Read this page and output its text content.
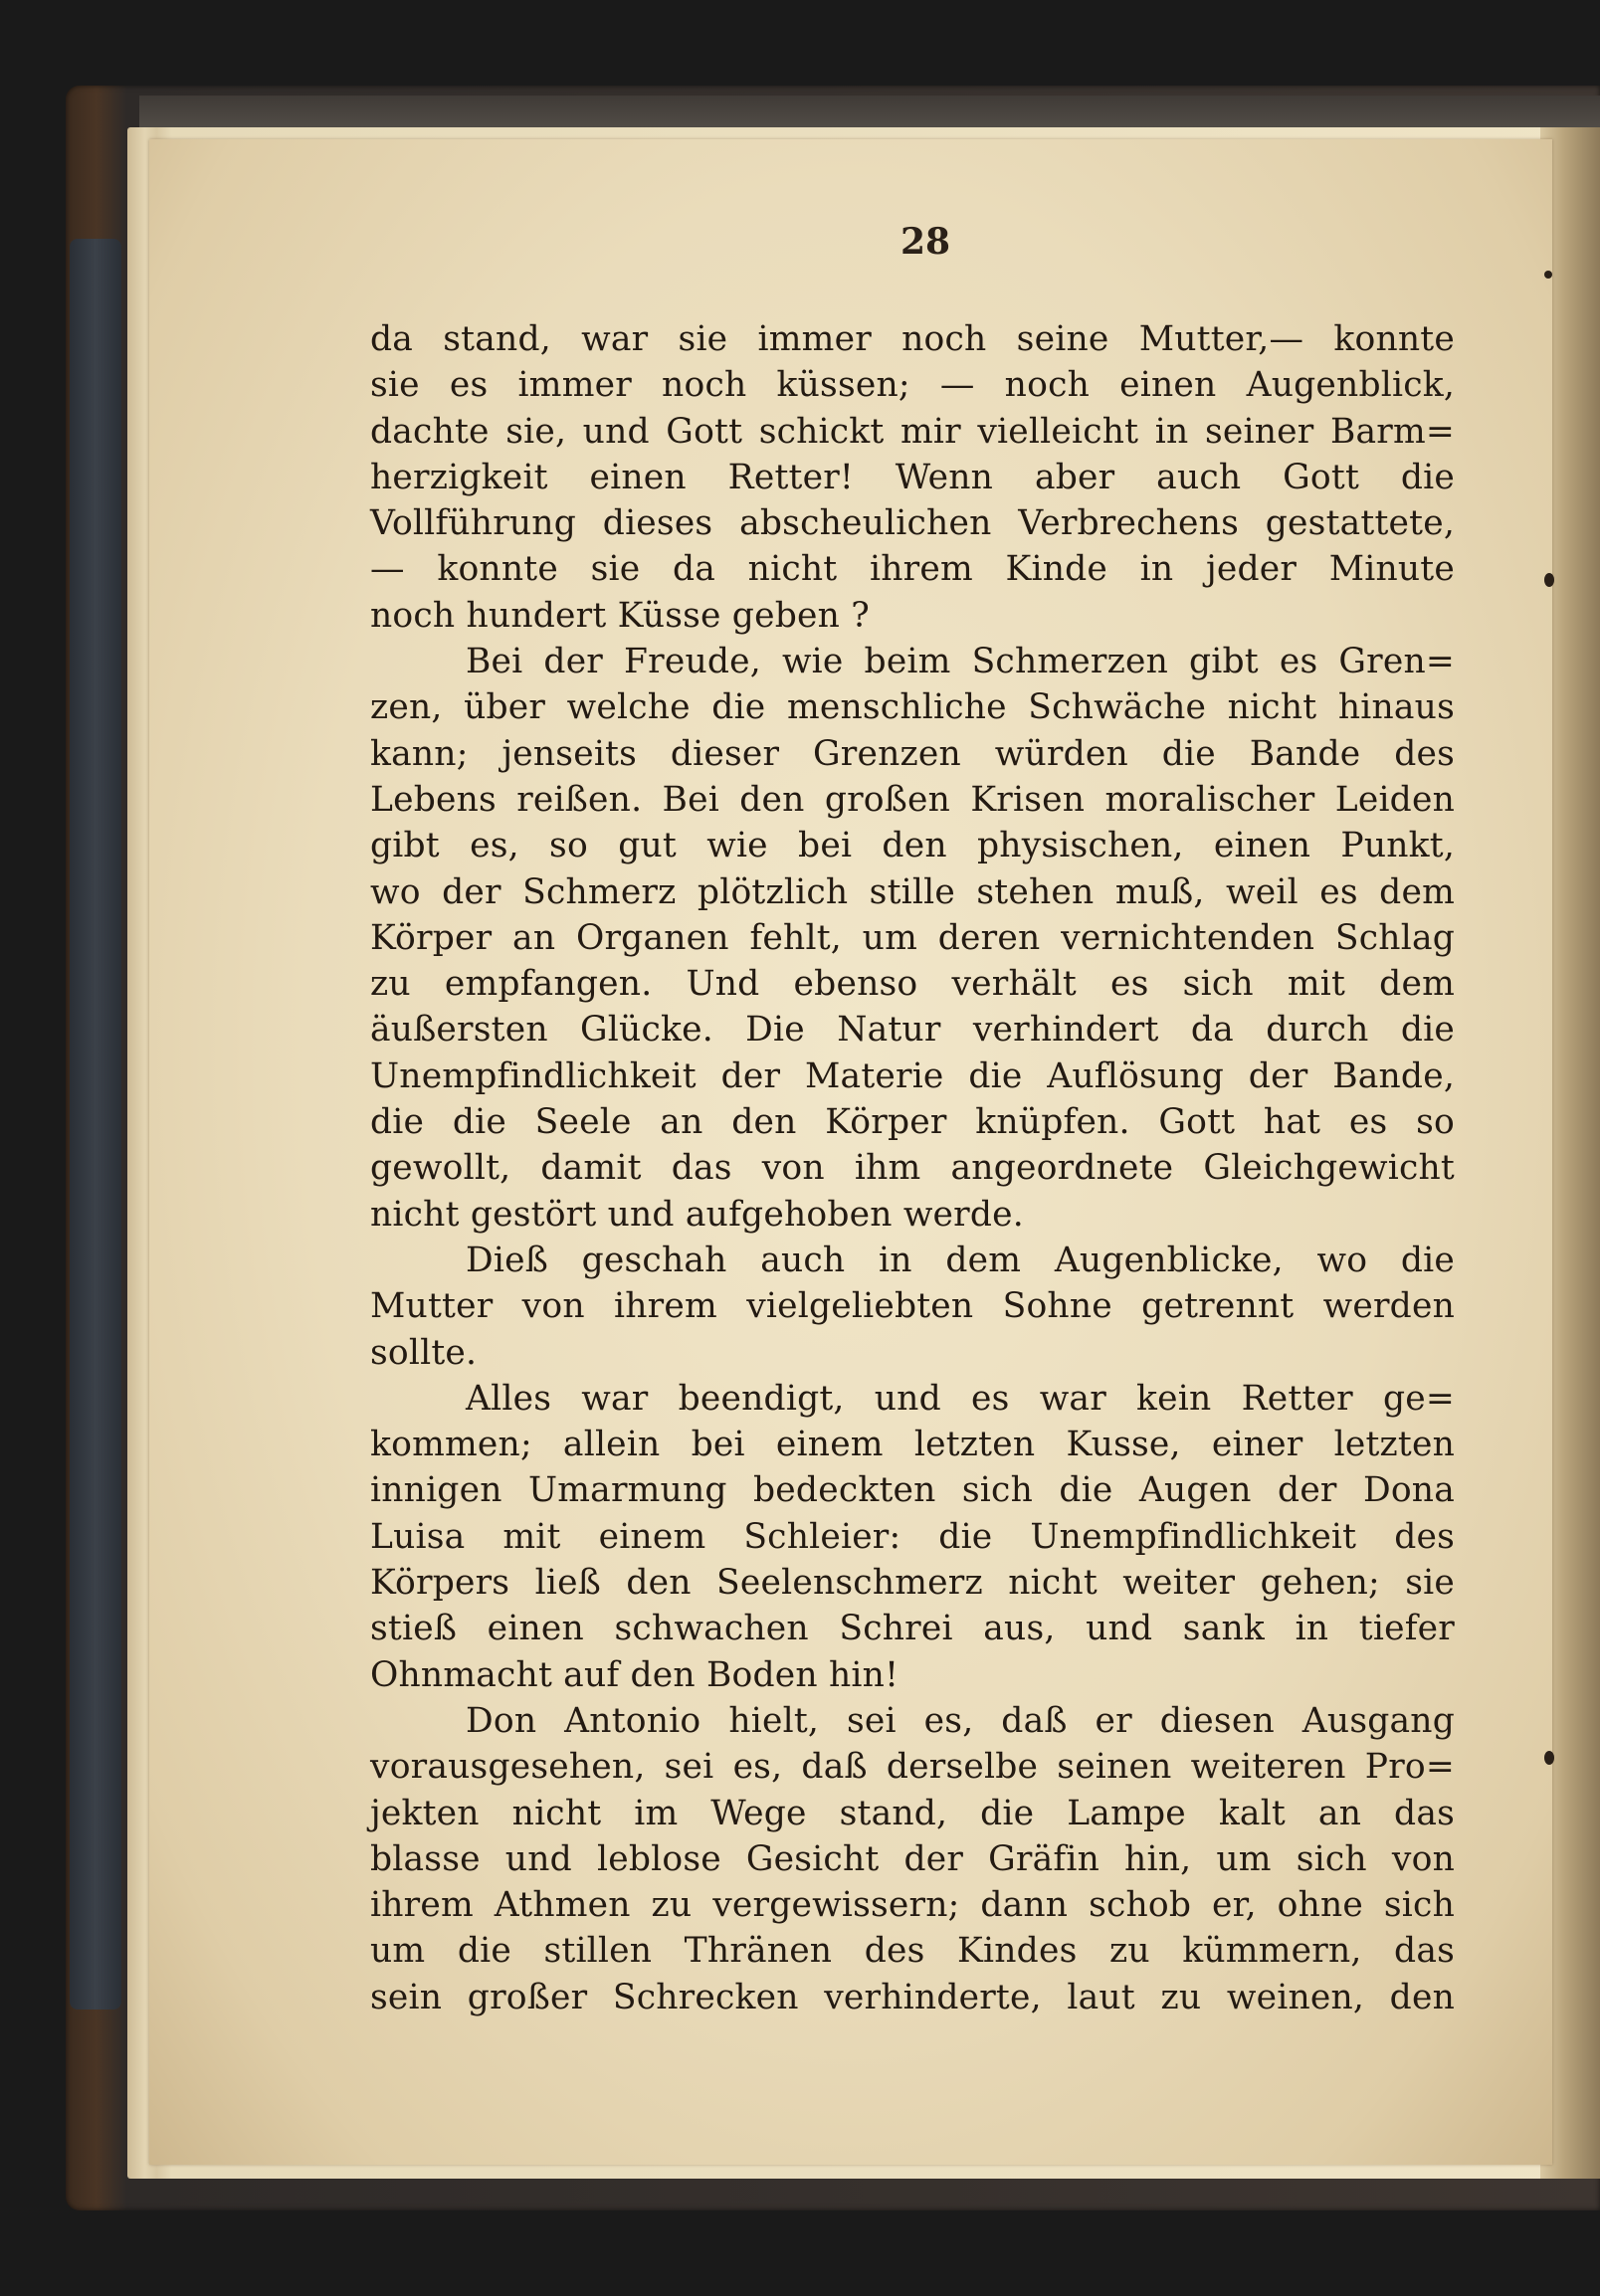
28
da stand, war sie immer noch seine Mutter,— konnte
sie es immer noch küssen; — noch einen Augenblick,
dachte sie, und Gott schickt mir vielleicht in seiner Barm=
herzigkeit einen Retter! Wenn aber auch Gott die
Vollführung dieses abscheulichen Verbrechens gestattete,
— konnte sie da nicht ihrem Kinde in jeder Minute
noch hundert Küsse geben ?
Bei der Freude, wie beim Schmerzen gibt es Gren=
zen, über welche die menschliche Schwäche nicht hinaus
kann; jenseits dieser Grenzen würden die Bande des
Lebens reißen. Bei den großen Krisen moralischer Leiden
gibt es, so gut wie bei den physischen, einen Punkt,
wo der Schmerz plötzlich stille stehen muß, weil es dem
Körper an Organen fehlt, um deren vernichtenden Schlag
zu empfangen. Und ebenso verhält es sich mit dem
äußersten Glücke. Die Natur verhindert da durch die
Unempfindlichkeit der Materie die Auflösung der Bande,
die die Seele an den Körper knüpfen. Gott hat es so
gewollt, damit das von ihm angeordnete Gleichgewicht
nicht gestört und aufgehoben werde.
Dieß geschah auch in dem Augenblicke, wo die
Mutter von ihrem vielgeliebten Sohne getrennt werden
sollte.
Alles war beendigt, und es war kein Retter ge=
kommen; allein bei einem letzten Kusse, einer letzten
innigen Umarmung bedeckten sich die Augen der Dona
Luisa mit einem Schleier: die Unempfindlichkeit des
Körpers ließ den Seelenschmerz nicht weiter gehen; sie
stieß einen schwachen Schrei aus, und sank in tiefer
Ohnmacht auf den Boden hin!
Don Antonio hielt, sei es, daß er diesen Ausgang
vorausgesehen, sei es, daß derselbe seinen weiteren Pro=
jekten nicht im Wege stand, die Lampe kalt an das
blasse und leblose Gesicht der Gräfin hin, um sich von
ihrem Athmen zu vergewissern; dann schob er, ohne sich
um die stillen Thränen des Kindes zu kümmern, das
sein großer Schrecken verhinderte, laut zu weinen, den
